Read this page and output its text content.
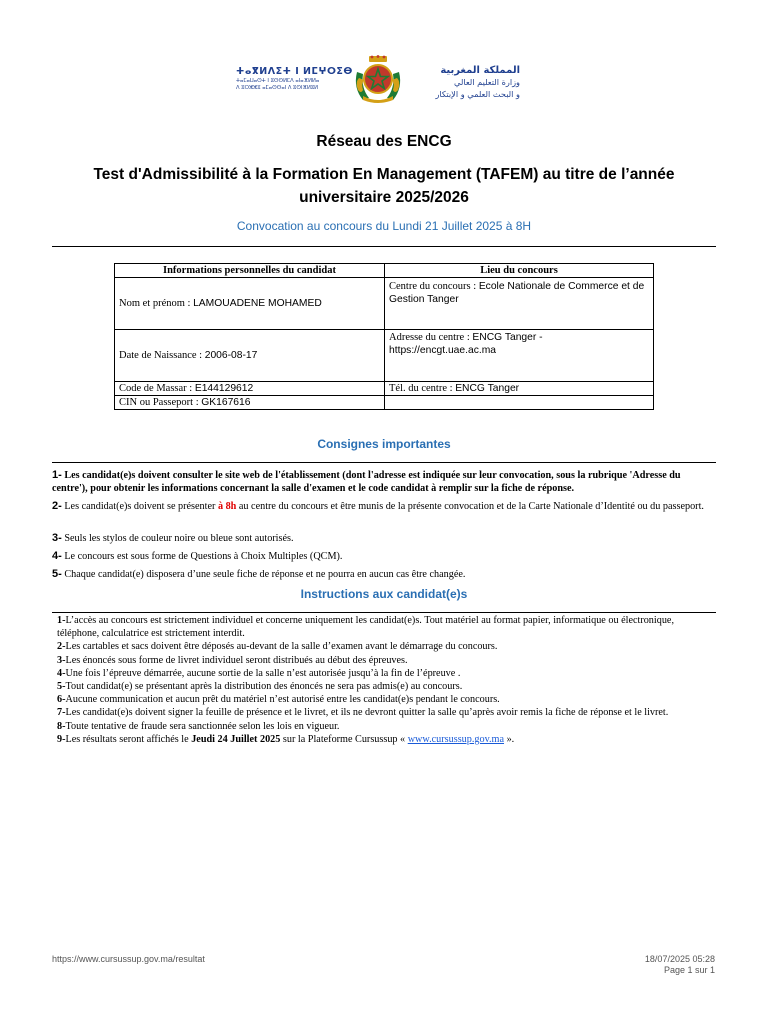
ⵜⴰⴳⵍⴷⵉⵜ ⵏ ⵍⵎⵖⵔⵉⴱ
ⵜⴰⵎⴰⵡⴰⵙⵜ ⵏ ⵓⵙⵙⵍⵎⴷ ⴰⵏⴰⴼⵍⵍⴰ
ⴷ ⵓⵔⵣⵣⵓ ⴰⵎⴰⵙⵙⴰⵏ ⴷ ⵓⵙⵏⴼⵍⵓⵍ
المملكة المغربية
وزارة التعليم العالي
و البحث العلمي و الإبتكار
Réseau des ENCG
Test d'Admissibilité à la Formation En Management (TAFEM) au titre de l’année universitaire 2025/2026
Convocation au concours du Lundi 21 Juillet 2025 à 8H
Informations personnelles du candidat	Lieu du concours
Nom et prénom : LAMOUADENE MOHAMED	Centre du concours : Ecole Nationale de Commerce et de Gestion Tanger
Date de Naissance : 2006-08-17	Adresse du centre : ENCG Tanger - https://encgt.uae.ac.ma
Code de Massar : E144129612	Tél. du centre : ENCG Tanger
CIN ou Passeport : GK167616	
Consignes importantes
1- Les candidat(e)s doivent consulter le site web de l'établissement (dont l'adresse est indiquée sur leur convocation, sous la rubrique 'Adresse du centre'), pour obtenir les informations concernant la salle d'examen et le code candidat à remplir sur la fiche de réponse.
2- Les candidat(e)s doivent se présenter à 8h au centre du concours et être munis de la présente convocation et de la Carte Nationale d’Identité ou du passeport.
3- Seuls les stylos de couleur noire ou bleue sont autorisés.
4- Le concours est sous forme de Questions à Choix Multiples (QCM).
5- Chaque candidat(e) disposera d’une seule fiche de réponse et ne pourra en aucun cas être changée.
Instructions aux candidat(e)s

1-L’accès au concours est strictement individuel et concerne uniquement les candidat(e)s. Tout matériel au format papier, informatique ou électronique, téléphone, calculatrice est strictement interdit.

2-Les cartables et sacs doivent être déposés au-devant de la salle d’examen avant le démarrage du concours.

3-Les énoncés sous forme de livret individuel seront distribués au début des épreuves.

4-Une fois l’épreuve démarrée, aucune sortie de la salle n’est autorisée jusqu’à la fin de l’épreuve .

5-Tout candidat(e) se présentant après la distribution des énoncés ne sera pas admis(e) au concours.

6-Aucune communication et aucun prêt du matériel n’est autorisé entre les candidat(e)s pendant le concours.

7-Les candidat(e)s doivent signer la feuille de présence et le livret, et ils ne devront quitter la salle qu’après avoir remis la fiche de réponse et le livret.

8-Toute tentative de fraude sera sanctionnée selon les lois en vigueur.

9-Les résultats seront affichés le Jeudi 24 Juillet 2025 sur la Plateforme Cursussup « www.cursussup.gov.ma ».

https://www.cursussup.gov.ma/resultat	18/07/2025 05:28
Page 1 sur 1
